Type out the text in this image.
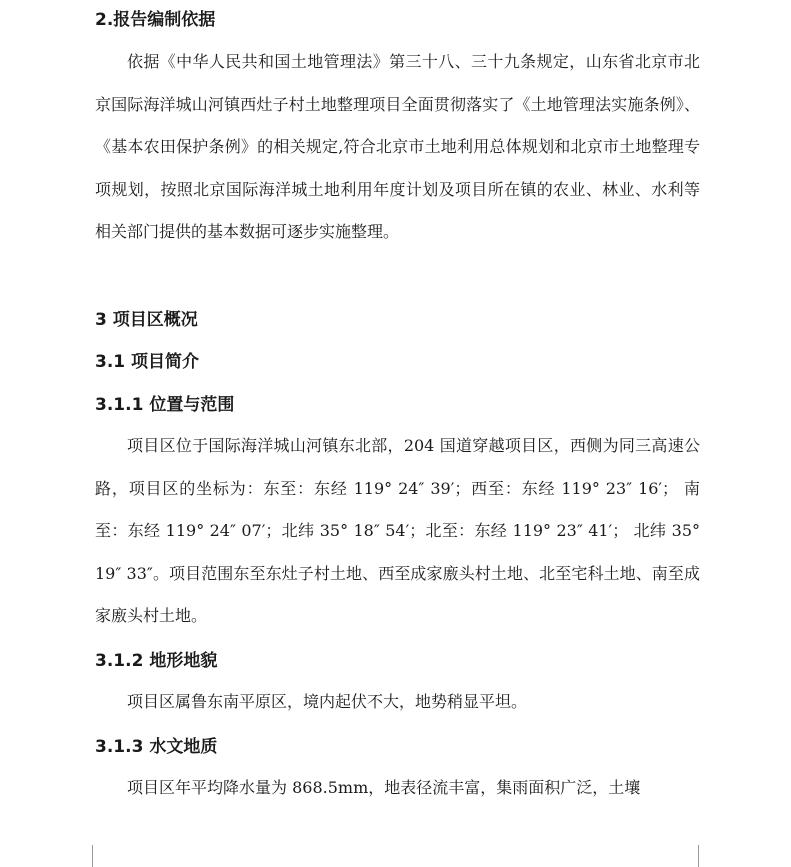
2.报告编制依据

依据《中华人民共和国土地管理法》第三十八、三十九条规定，山东省北京市北京国际海洋城山河镇西灶子村土地整理项目全面贯彻落实了《土地管理法实施条例》、《基本农田保护条例》的相关规定,符合北京市土地利用总体规划和北京市土地整理专项规划，按照北京国际海洋城土地利用年度计划及项目所在镇的农业、林业、水利等相关部门提供的基本数据可逐步实施整理。

3 项目区概况
3.1 项目简介
3.1.1 位置与范围

项目区位于国际海洋城山河镇东北部，204 国道穿越项目区，西侧为同三高速公路，项目区的坐标为：东至：东经 119° 24″ 39′；西至：东经 119° 23″ 16′； 南至：东经 119° 24″ 07′；北纬 35° 18″ 54′；北至：东经 119° 23″ 41′； 北纬 35° 19″ 33″。项目范围东至东灶子村土地、西至成家廒头村土地、北至宅科土地、南至成家廒头村土地。

3.1.2 地形地貌

项目区属鲁东南平原区，境内起伏不大，地势稍显平坦。

3.1.3 水文地质

项目区年平均降水量为 868.5mm，地表径流丰富，集雨面积广泛，土壤
